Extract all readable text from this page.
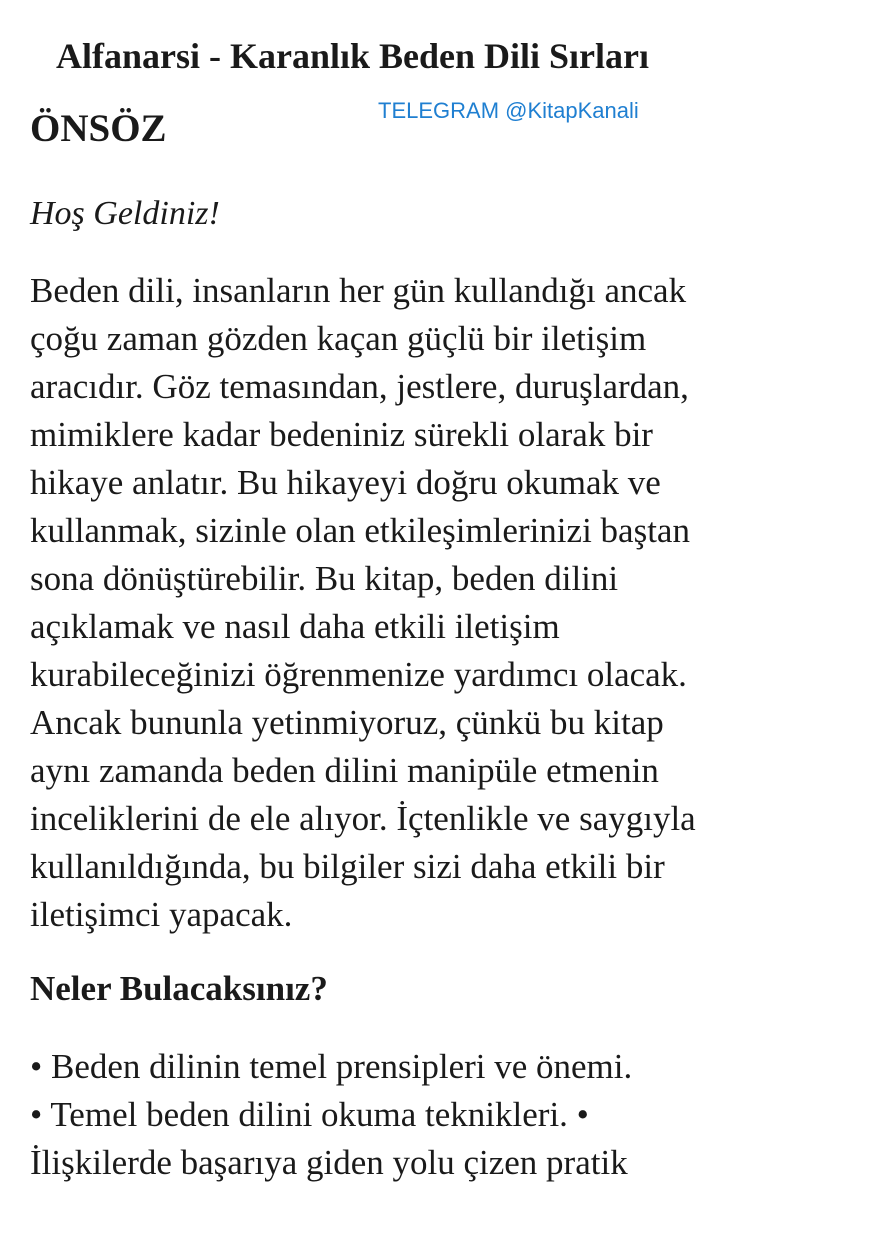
Alfanarsi - Karanlık Beden Dili Sırları
ÖNSÖZ	TELEGRAM @KitapKanali

Hoş Geldiniz!

Beden dili, insanların her gün kullandığı ancak
çoğu zaman gözden kaçan güçlü bir iletişim
aracıdır. Göz temasından, jestlere, duruşlardan,
mimiklere kadar bedeniniz sürekli olarak bir
hikaye anlatır. Bu hikayeyi doğru okumak ve
kullanmak, sizinle olan etkileşimlerinizi baştan
sona dönüştürebilir. Bu kitap, beden dilini
açıklamak ve nasıl daha etkili iletişim
kurabileceğinizi öğrenmenize yardımcı olacak.
Ancak bununla yetinmiyoruz, çünkü bu kitap
aynı zamanda beden dilini manipüle etmenin
inceliklerini de ele alıyor. İçtenlikle ve saygıyla
kullanıldığında, bu bilgiler sizi daha etkili bir
iletişimci yapacak.

Neler Bulacaksınız?

• Beden dilinin temel prensipleri ve önemi.
• Temel beden dilini okuma teknikleri. •
İlişkilerde başarıya giden yolu çizen pratik
